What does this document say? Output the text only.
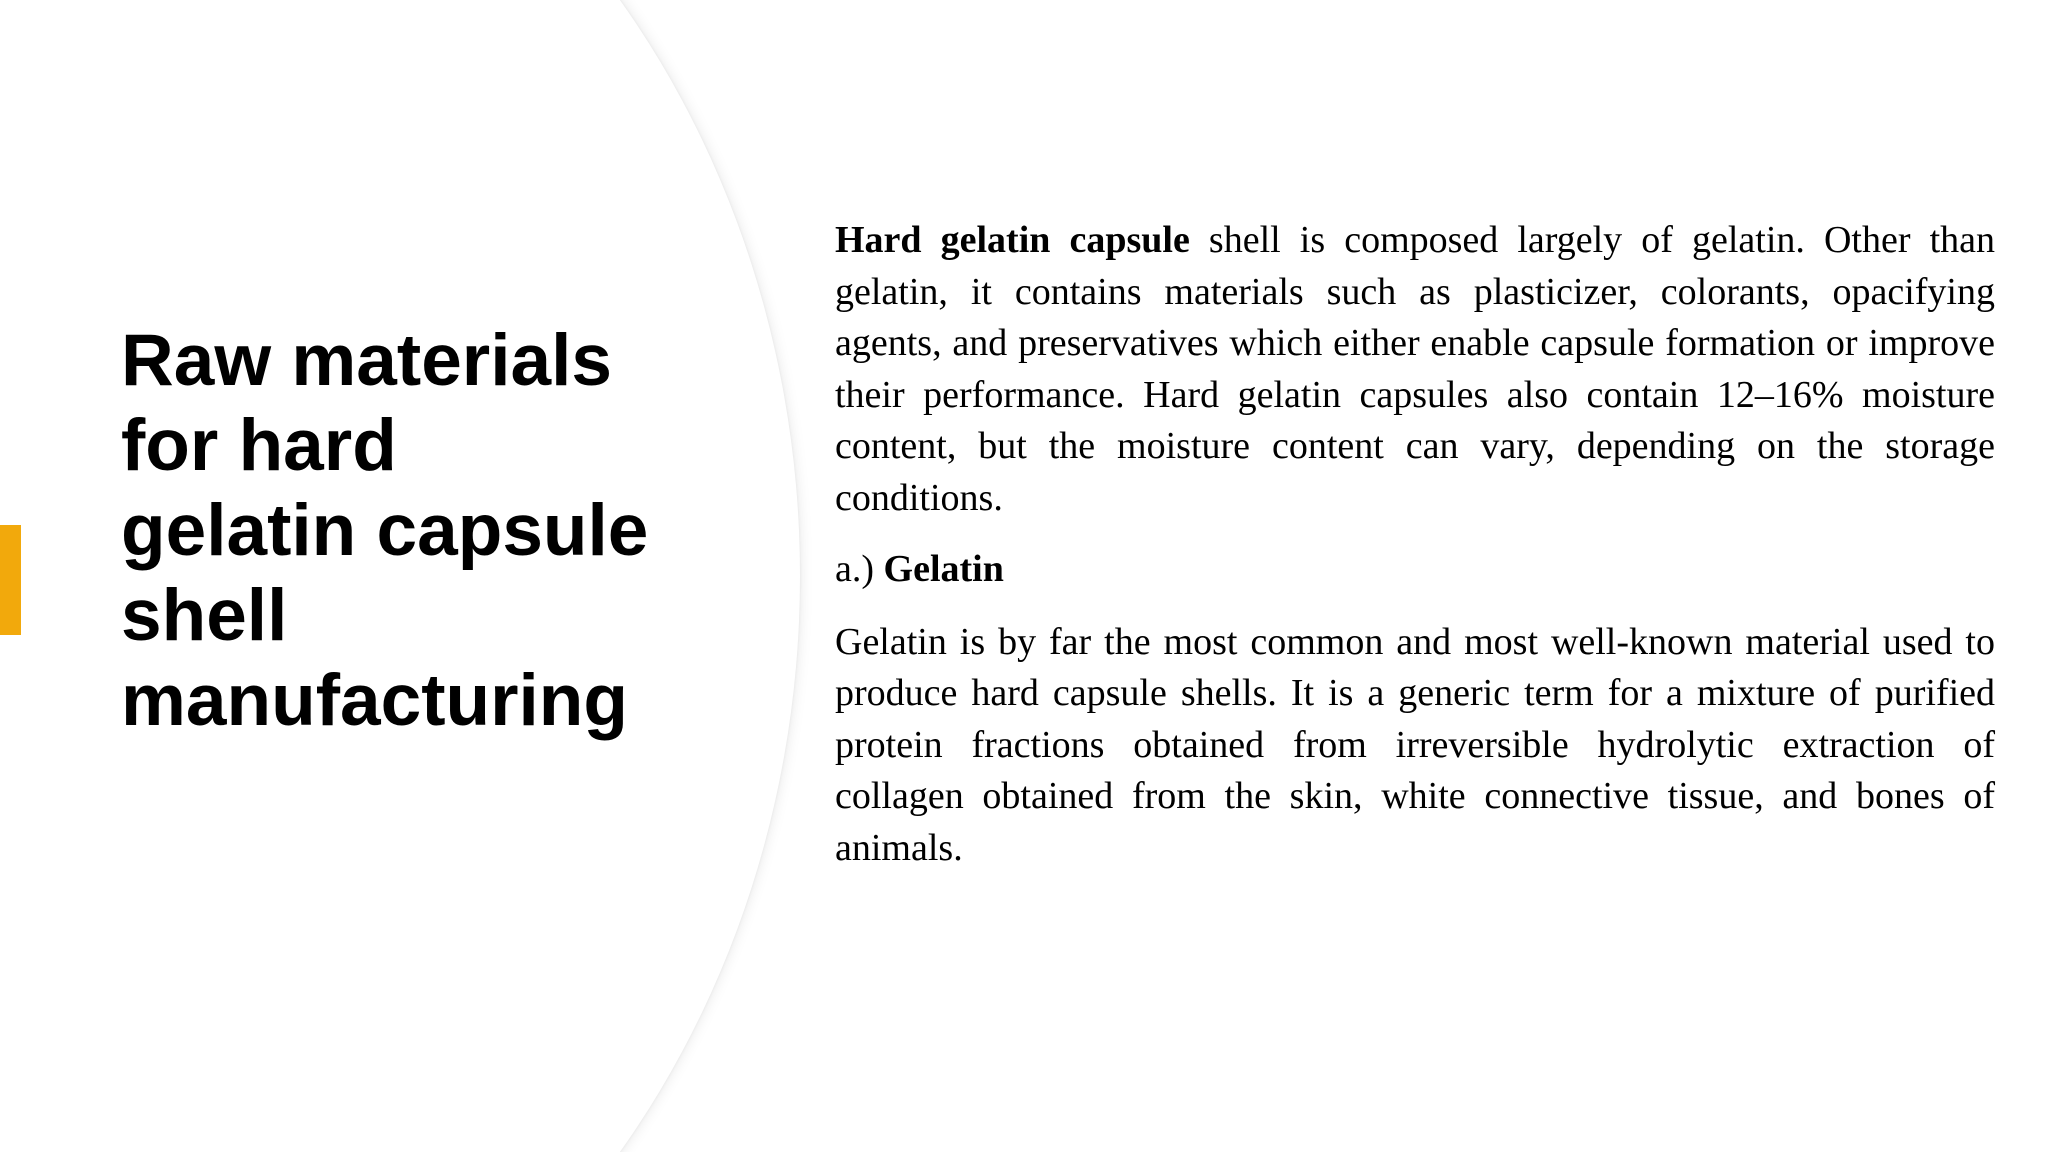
Raw materials
for hard
gelatin capsule
shell
manufacturing

Hard gelatin capsule shell is composed largely of gelatin. Other than gelatin, it contains materials such as plasticizer, colorants, opacifying agents, and preservatives which either enable capsule formation or improve their performance. Hard gelatin capsules also contain 12–16% moisture content, but the moisture content can vary, depending on the storage conditions.

a.) Gelatin

Gelatin is by far the most common and most well-known material used to produce hard capsule shells. It is a generic term for a mixture of purified protein fractions obtained from irreversible hydrolytic extraction of collagen obtained from the skin, white connective tissue, and bones of animals.
